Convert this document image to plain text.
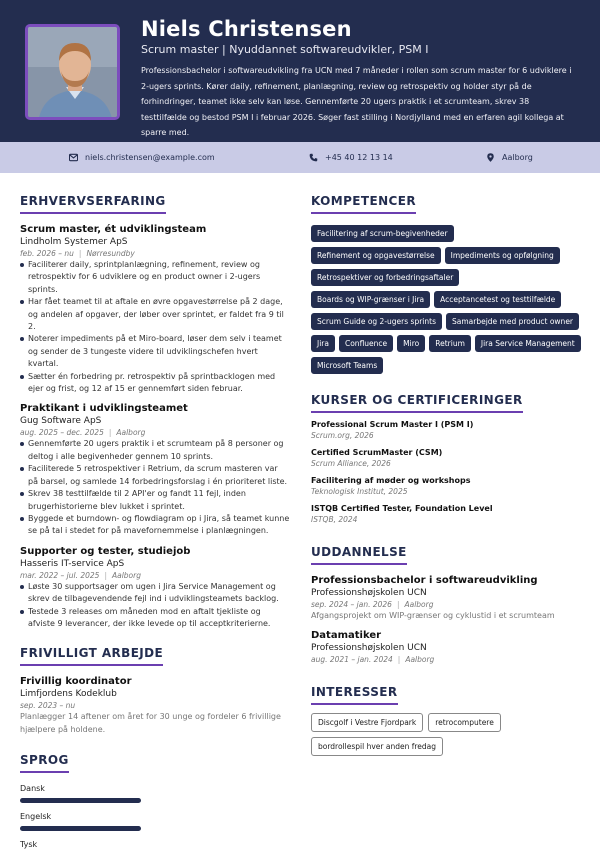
Niels Christensen
Scrum master | Nyuddannet softwareudvikler, PSM I
Professionsbachelor i softwareudvikling fra UCN med 7 måneder i rollen som scrum master for 6 udviklere i 2-ugers sprints. Kører daily, refinement, planlægning, review og retrospektiv og holder styr på de forhindringer, teamet ikke selv kan løse. Gennemførte 20 ugers praktik i et scrumteam, skrev 38 testtilfælde og bestod PSM I i februar 2026. Søger fast stilling i Nordjylland med en erfaren agil kollega at sparre med.
niels.christensen@example.com	+45 40 12 13 14	Aalborg
ERHVERVSERFARING
Scrum master, ét udviklingsteam
Lindholm Systemer ApS
feb. 2026 – nu | Nørresundby
Faciliterer daily, sprintplanlægning, refinement, review og retrospektiv for 6 udviklere og en product owner i 2-ugers sprints.
Har fået teamet til at aftale en øvre opgavestørrelse på 2 dage, og andelen af opgaver, der løber over sprintet, er faldet fra 9 til 2.
Noterer impediments på et Miro-board, løser dem selv i teamet og sender de 3 tungeste videre til udviklingschefen hvert kvartal.
Sætter én forbedring pr. retrospektiv på sprintbacklogen med ejer og frist, og 12 af 15 er gennemført siden februar.
Praktikant i udviklingsteamet
Gug Software ApS
aug. 2025 – dec. 2025 | Aalborg
Gennemførte 20 ugers praktik i et scrumteam på 8 personer og deltog i alle begivenheder gennem 10 sprints.
Faciliterede 5 retrospektiver i Retrium, da scrum masteren var på barsel, og samlede 14 forbedringsforslag i én prioriteret liste.
Skrev 38 testtilfælde til 2 API'er og fandt 11 fejl, inden brugerhistorierne blev lukket i sprintet.
Byggede et burndown- og flowdiagram op i Jira, så teamet kunne se på tal i stedet for på mavefornemmelse i planlægningen.
Supporter og tester, studiejob
Hasseris IT-service ApS
mar. 2022 – jul. 2025 | Aalborg
Løste 30 supportsager om ugen i Jira Service Management og skrev de tilbagevendende fejl ind i udviklingsteamets backlog.
Testede 3 releases om måneden mod en aftalt tjekliste og afviste 9 leverancer, der ikke levede op til acceptkriterierne.
FRIVILLIGT ARBEJDE
Frivillig koordinator
Limfjordens Kodeklub
sep. 2023 – nu
Planlægger 14 aftener om året for 30 unge og fordeler 6 frivillige hjælpere på holdene.
SPROG
Dansk
Engelsk
Tysk
KOMPETENCER
Facilitering af scrum-begivenheder
Refinement og opgavestørrelse	Impediments og opfølgning
Retrospektiver og forbedringsaftaler
Boards og WIP-grænser i Jira	Acceptancetest og testtilfælde
Scrum Guide og 2-ugers sprints	Samarbejde med product owner
Jira	Confluence	Miro	Retrium	Jira Service Management
Microsoft Teams
KURSER OG CERTIFICERINGER
Professional Scrum Master I (PSM I)
Scrum.org, 2026
Certified ScrumMaster (CSM)
Scrum Alliance, 2026
Facilitering af møder og workshops
Teknologisk Institut, 2025
ISTQB Certified Tester, Foundation Level
ISTQB, 2024
UDDANNELSE
Professionsbachelor i softwareudvikling
Professionshøjskolen UCN
sep. 2024 – jan. 2026 | Aalborg
Afgangsprojekt om WIP-grænser og cyklustid i et scrumteam
Datamatiker
Professionshøjskolen UCN
aug. 2021 – jan. 2024 | Aalborg
INTERESSER
Discgolf i Vestre Fjordpark	retrocomputere
bordrollespil hver anden fredag
